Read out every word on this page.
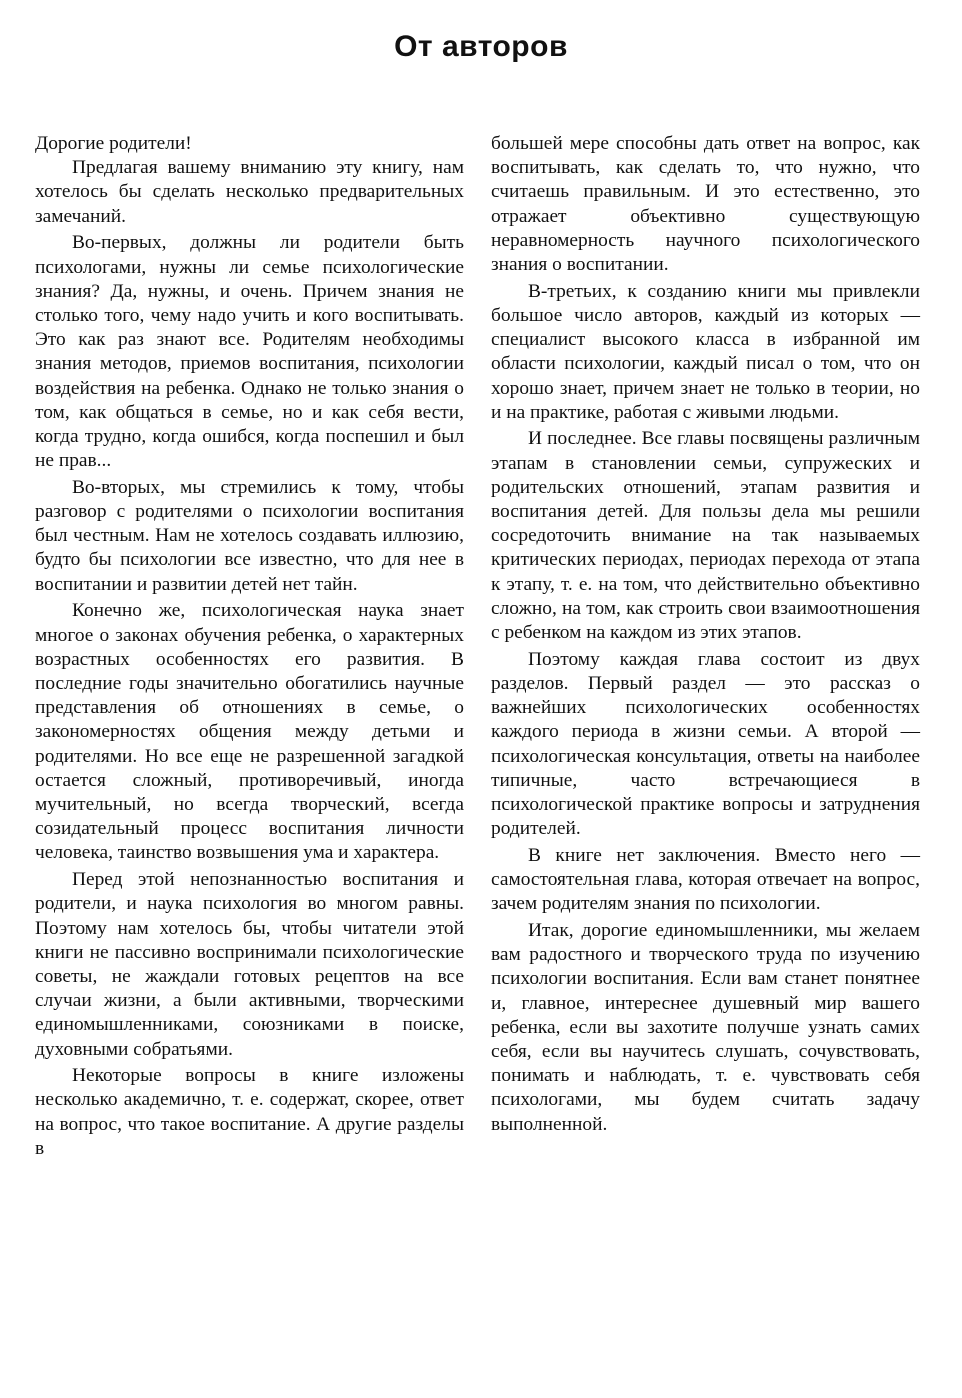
От авторов

Дорогие родители!

Предлагая вашему вниманию эту книгу, нам хотелось бы сделать несколько предварительных замечаний.

Во-первых, должны ли родители быть психологами, нужны ли семье психологические знания? Да, нужны, и очень. Причем знания не столько того, чему надо учить и кого воспитывать. Это как раз знают все. Родителям необходимы знания методов, приемов воспитания, психологии воздействия на ребенка. Однако не только знания о том, как общаться в семье, но и как себя вести, когда трудно, когда ошибся, когда поспешил и был не прав...

Во-вторых, мы стремились к тому, чтобы разговор с родителями о психологии воспитания был честным. Нам не хотелось создавать иллюзию, будто бы психологии все известно, что для нее в воспитании и развитии детей нет тайн.

Конечно же, психологическая наука знает многое о законах обучения ребенка, о характерных возрастных особенностях его развития. В последние годы значительно обогатились научные представления об отношениях в семье, о закономерностях общения между детьми и родителями. Но все еще не разрешенной загадкой остается сложный, противоречивый, иногда мучительный, но всегда творческий, всегда созидательный процесс воспитания личности человека, таинство возвышения ума и характера.

Перед этой непознанностью воспитания и родители, и наука психология во многом равны. Поэтому нам хотелось бы, чтобы читатели этой книги не пассивно воспринимали психологические советы, не жаждали готовых рецептов на все случаи жизни, а были активными, творческими единомышленниками, союзниками в поиске, духовными собратьями.

Некоторые вопросы в книге изложены несколько академично, т. е. содержат, скорее, ответ на вопрос, что такое воспитание. А другие разделы в

большей мере способны дать ответ на вопрос, как воспитывать, как сделать то, что нужно, что считаешь правильным. И это естественно, это отражает объективно существующую неравномерность научного психологического знания о воспитании.

В-третьих, к созданию книги мы привлекли большое число авторов, каждый из которых — специалист высокого класса в избранной им области психологии, каждый писал о том, что он хорошо знает, причем знает не только в теории, но и на практике, работая с живыми людьми.

И последнее. Все главы посвящены различным этапам в становлении семьи, супружеских и родительских отношений, этапам развития и воспитания детей. Для пользы дела мы решили сосредоточить внимание на так называемых критических периодах, периодах перехода от этапа к этапу, т. е. на том, что действительно объективно сложно, на том, как строить свои взаимоотношения с ребенком на каждом из этих этапов.

Поэтому каждая глава состоит из двух разделов. Первый раздел — это рассказ о важнейших психологических особенностях каждого периода в жизни семьи. А второй — психологическая консультация, ответы на наиболее типичные, часто встречающиеся в психологической практике вопросы и затруднения родителей.

В книге нет заключения. Вместо него — самостоятельная глава, которая отвечает на вопрос, зачем родителям знания по психологии.

Итак, дорогие единомышленники, мы желаем вам радостного и творческого труда по изучению психологии воспитания. Если вам станет понятнее и, главное, интереснее душевный мир вашего ребенка, если вы захотите получше узнать самих себя, если вы научитесь слушать, сочувствовать, понимать и наблюдать, т. е. чувствовать себя психологами, мы будем считать задачу выполненной.
